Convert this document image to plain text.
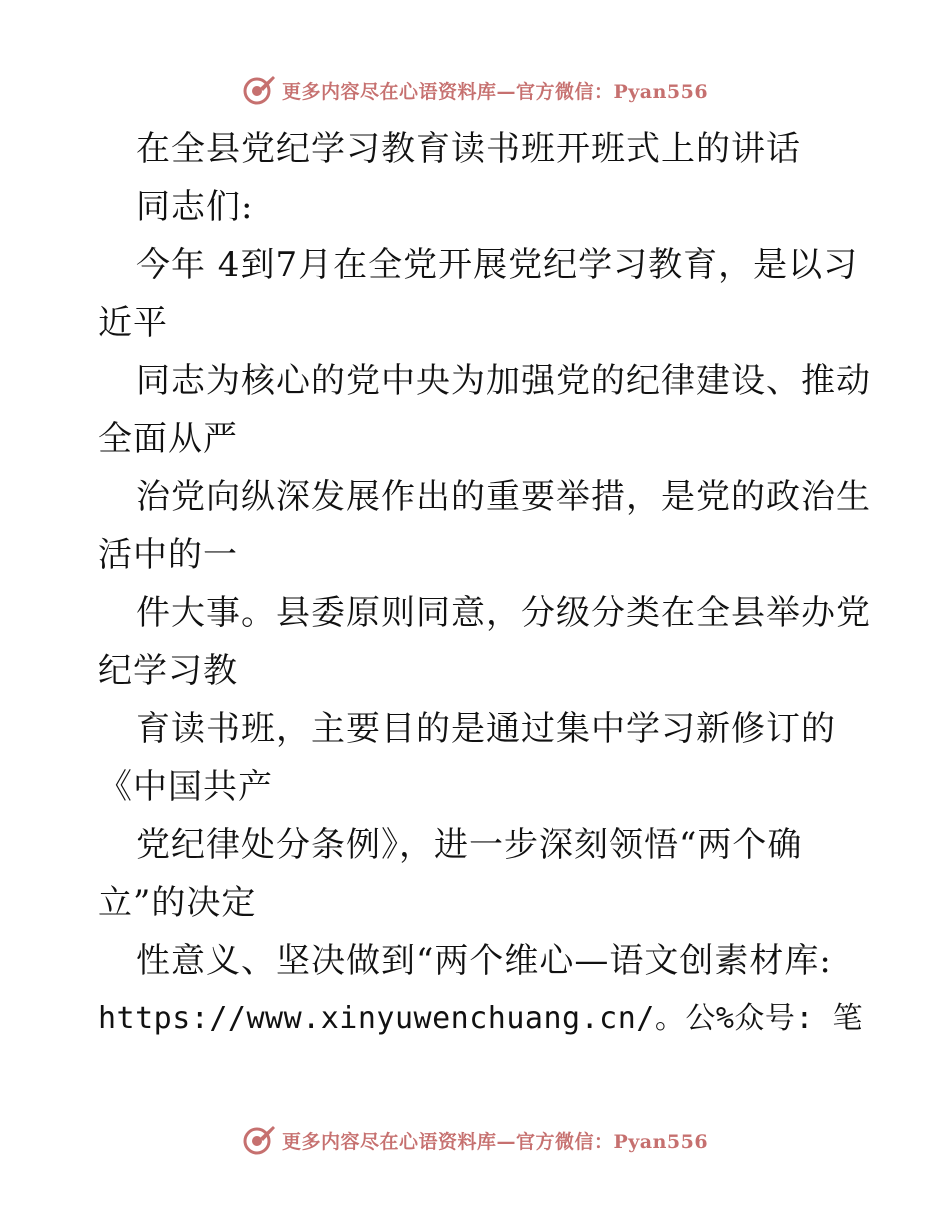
更多内容尽在心语资料库—官方微信：Pyan556
在全县党纪学习教育读书班开班式上的讲话
同志们:
今年 4到7月在全党开展党纪学习教育，是以习
近平
同志为核心的党中央为加强党的纪律建设、推动
全面从严
治党向纵深发展作出的重要举措，是党的政治生
活中的一
件大事。县委原则同意，分级分类在全县举办党
纪学习教
育读书班，主要目的是通过集中学习新修订的
《中国共产
党纪律处分条例》，进一步深刻领悟“两个确
立”的决定
性意义、坚决做到“两个维心—语文创素材库:
https://www.xinyuwenchuang.cn/。公%众号: 笔
更多内容尽在心语资料库—官方微信：Pyan556
